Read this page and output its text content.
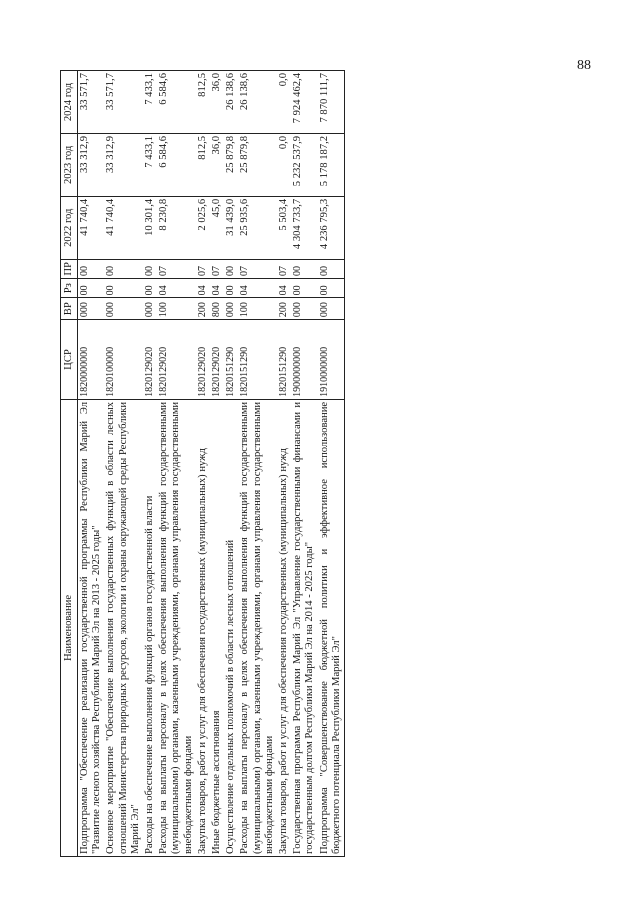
88
Наименование	ЦСР	ВР	Рз	ПР	2022 год	2023 год	2024 год
Подпрограмма "Обеспечение реализации государственной программы Республики Марий Эл "Развитие лесного хозяйства Республики Марий Эл на 2013 - 2025 годы"	1820000000	000	00	00	41 740,4	33 312,9	33 571,7
Основное мероприятие "Обеспечение выполнения государственных функций в области лесных отношений Министерства природных ресурсов, экологии и охраны окружающей среды Республики Марий Эл"	1820100000	000	00	00	41 740,4	33 312,9	33 571,7
Расходы на обеспечение выполнения функций органов государственной власти	1820129020	000	00	00	10 301,4	7 433,1	7 433,1
Расходы на выплаты персоналу в целях обеспечения выполнения функций государственными (муниципальными) органами, казенными учреждениями, органами управления государственными внебюджетными фондами	1820129020	100	04	07	8 230,8	6 584,6	6 584,6
Закупка товаров, работ и услуг для обеспечения государственных (муниципальных) нужд	1820129020	200	04	07	2 025,6	812,5	812,5
Иные бюджетные ассигнования	1820129020	800	04	07	45,0	36,0	36,0
Осуществление отдельных полномочий в области лесных отношений	1820151290	000	00	00	31 439,0	25 879,8	26 138,6
Расходы на выплаты персоналу в целях обеспечения выполнения функций государственными (муниципальными) органами, казенными учреждениями, органами управления государственными внебюджетными фондами	1820151290	100	04	07	25 935,6	25 879,8	26 138,6
Закупка товаров, работ и услуг для обеспечения государственных (муниципальных) нужд	1820151290	200	04	07	5 503,4	0,0	0,0
Государственная программа Республики Марий Эл "Управление государственными финансами и государственным долгом Республики Марий Эл на 2014 - 2025 годы"	1900000000	000	00	00	4 304 733,7	5 232 537,9	7 924 462,4
Подпрограмма "Совершенствование бюджетной политики и эффективное использование бюджетного потенциала Республики Марий Эл"	1910000000	000	00	00	4 236 795,3	5 178 187,2	7 870 111,7
